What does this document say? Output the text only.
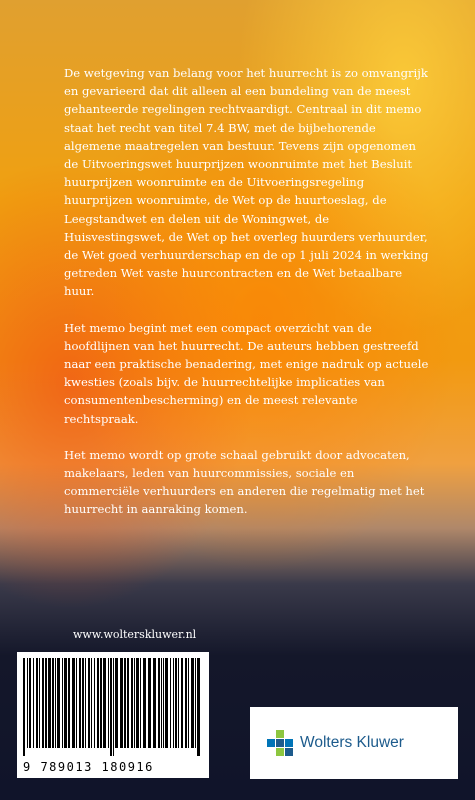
De wetgeving van belang voor het huurrecht is zo omvangrijk en gevarieerd dat dit alleen al een bundeling van de meest gehanteerde regelingen rechtvaardigt. Centraal in dit memo staat het recht van titel 7.4 BW, met de bijbehorende algemene maatregelen van bestuur. Tevens zijn opgenomen de Uitvoeringswet huurprijzen woonruimte met het Besluit huurprijzen woonruimte en de Uitvoeringsregeling huurprijzen woonruimte, de Wet op de huurtoeslag, de Leegstandwet en delen uit de Woningwet, de Huisvestingswet, de Wet op het overleg huurders verhuurder, de Wet goed verhuurderschap en de op 1 juli 2024 in werking getreden Wet vaste huurcontracten en de Wet betaalbare huur.

Het memo begint met een compact overzicht van de hoofdlijnen van het huurrecht. De auteurs hebben gestreefd naar een praktische benadering, met enige nadruk op actuele kwesties (zoals bijv. de huurrechtelijke implicaties van consumentenbescherming) en de meest relevante rechtspraak.

Het memo wordt op grote schaal gebruikt door advocaten, makelaars, leden van huurcommissies, sociale en commerciële verhuurders en anderen die regelmatig met het huurrecht in aanraking komen.

www.wolterskluwer.nl
9 789013 180916
Wolters Kluwer
